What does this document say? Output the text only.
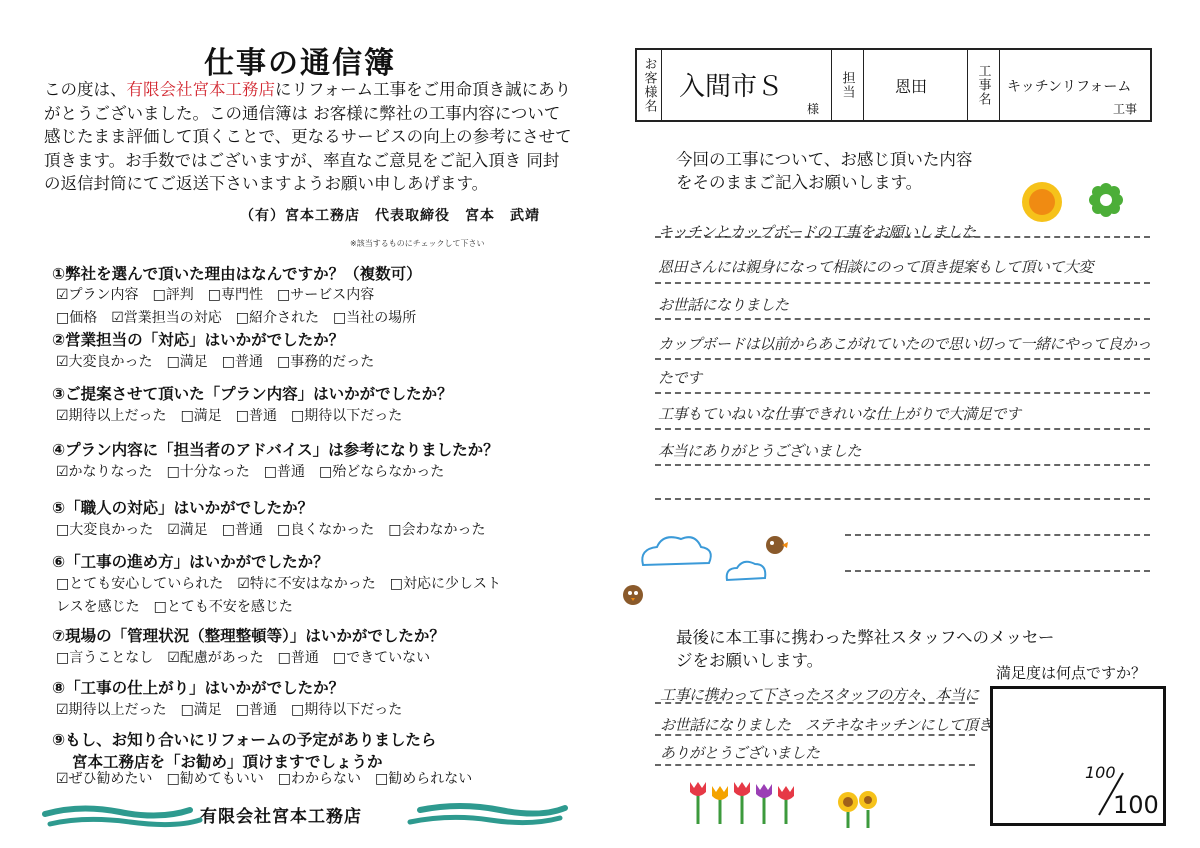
仕事の通信簿
この度は、有限会社宮本工務店にリフォーム工事をご用命頂き誠にありがとうございました。この通信簿は お客様に弊社の工事内容について感じたまま評価して頂くことで、更なるサービスの向上の参考にさせて頂きます。お手数ではございますが、率直なご意見をご記入頂き 同封の返信封筒にてご返送下さいますようお願い申しあげます。
（有）宮本工務店　代表取締役　宮本　武靖
※該当するものにチェックして下さい
①弊社を選んで頂いた理由はなんですか？（複数可）
☑プラン内容 □評判 □専門性 □サービス内容
□価格 ☑営業担当の対応 □紹介された □当社の場所
②営業担当の「対応」はいかがでしたか？
☑大変良かった □満足 □普通 □事務的だった
③ご提案させて頂いた「プラン内容」はいかがでしたか？
☑期待以上だった □満足 □普通 □期待以下だった
④プラン内容に「担当者のアドバイス」は参考になりましたか？
☑かなりなった □十分なった □普通 □殆どならなかった
⑤「職人の対応」はいかがでしたか？
□大変良かった ☑満足 □普通 □良くなかった □会わなかった
⑥「工事の進め方」はいかがでしたか？
□とても安心していられた ☑特に不安はなかった □対応に少しスト
レスを感じた □とても不安を感じた
⑦現場の「管理状況（整理整頓等）」はいかがでしたか？
□言うことなし ☑配慮があった □普通 □できていない
⑧「工事の仕上がり」はいかがでしたか？
☑期待以上だった □満足 □普通 □期待以下だった
⑨もし、お知り合いにリフォームの予定がありましたら
宮本工務店を「お勧め」頂けますでしょうか
☑ぜひ勧めたい □勧めてもいい □わからない □勧められない
有限会社宮本工務店
お客様名 入間市Ｓ
様
担当	恩田	工事名	キッチンリフォーム
工事
今回の工事について、お感じ頂いた内容をそのままご記入お願いします。
キッチンとカップボードの工事をお願いしました
恩田さんには親身になって相談にのって頂き提案もして頂いて大変
お世話になりました
カップボードは以前からあこがれていたので思い切って一緒にやって良かっ
たです
工事もていねいな仕事できれいな仕上がりで大満足です
本当にありがとうございました
最後に本工事に携わった弊社スタッフへのメッセージをお願いします。
工事に携わって下さったスタッフの方々、本当に
お世話になりました　ステキなキッチンにして頂き
ありがとうございました
満足度は何点ですか？
100
100
